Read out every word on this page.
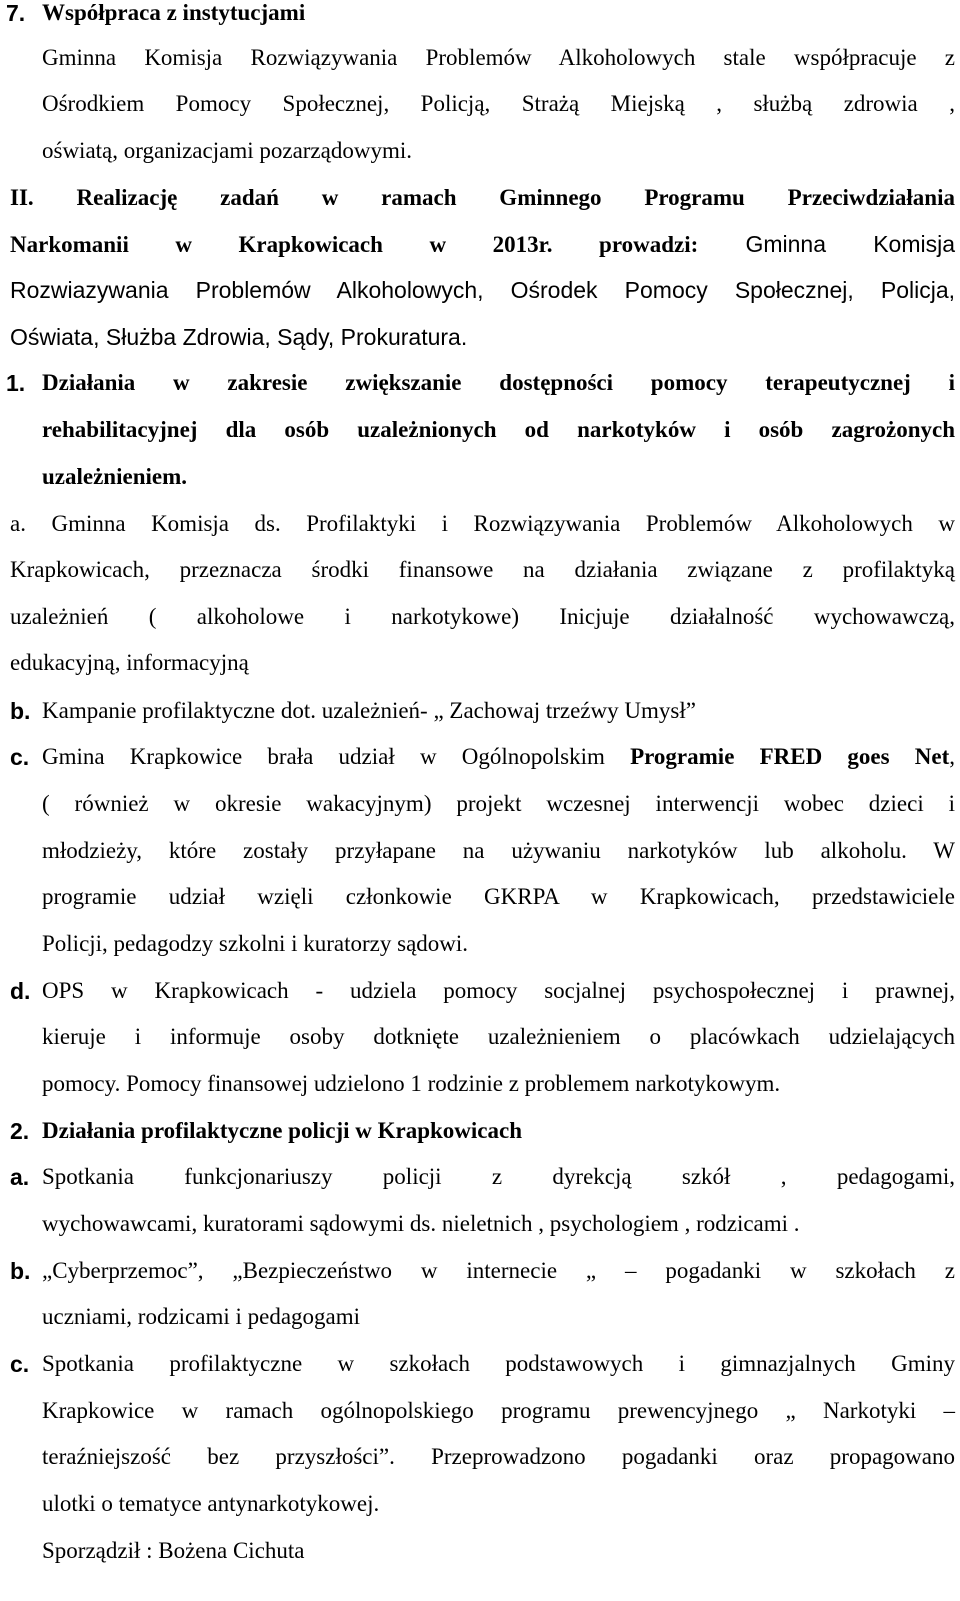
7. Współpraca z instytucjami
Gminna Komisja Rozwiązywania Problemów Alkoholowych stale współpracuje z
Ośrodkiem Pomocy Społecznej, Policją, Strażą Miejską , służbą zdrowia ,
oświatą, organizacjami pozarządowymi.
II. Realizację zadań w ramach Gminnego Programu Przeciwdziałania
Narkomanii w Krapkowicach w 2013r. prowadzi: Gminna Komisja
Rozwiazywania Problemów Alkoholowych, Ośrodek Pomocy Społecznej, Policja,
Oświata, Służba Zdrowia, Sądy, Prokuratura.
1. Działania w zakresie zwiększanie dostępności pomocy terapeutycznej i
rehabilitacyjnej dla osób uzależnionych od narkotyków i osób zagrożonych
uzależnieniem.
a. Gminna Komisja ds. Profilaktyki i Rozwiązywania Problemów Alkoholowych w
Krapkowicach, przeznacza środki finansowe na działania związane z profilaktyką
uzależnień ( alkoholowe i narkotykowe) Inicjuje działalność wychowawczą,
edukacyjną, informacyjną
b. Kampanie profilaktyczne dot. uzależnień- „ Zachowaj trzeźwy Umysł”
c. Gmina Krapkowice brała udział w Ogólnopolskim Programie FRED goes Net,
( również w okresie wakacyjnym) projekt wczesnej interwencji wobec dzieci i
młodzieży, które zostały przyłapane na używaniu narkotyków lub alkoholu. W
programie udział wzięli członkowie GKRPA w Krapkowicach, przedstawiciele
Policji, pedagodzy szkolni i kuratorzy sądowi.
d. OPS w Krapkowicach - udziela pomocy socjalnej psychospołecznej i prawnej,
kieruje i informuje osoby dotknięte uzależnieniem o placówkach udzielających
pomocy. Pomocy finansowej udzielono 1 rodzinie z problemem narkotykowym.
2. Działania profilaktyczne policji w Krapkowicach
a. Spotkania funkcjonariuszy policji z dyrekcją szkół , pedagogami,
wychowawcami, kuratorami sądowymi ds. nieletnich , psychologiem , rodzicami .
b. „Cyberprzemoc”, „Bezpieczeństwo w internecie „ – pogadanki w szkołach z
uczniami, rodzicami i pedagogami
c. Spotkania profilaktyczne w szkołach podstawowych i gimnazjalnych Gminy
Krapkowice w ramach ogólnopolskiego programu prewencyjnego „ Narkotyki –
teraźniejszość bez przyszłości”. Przeprowadzono pogadanki oraz propagowano
ulotki o tematyce antynarkotykowej.
Sporządził : Bożena Cichuta
